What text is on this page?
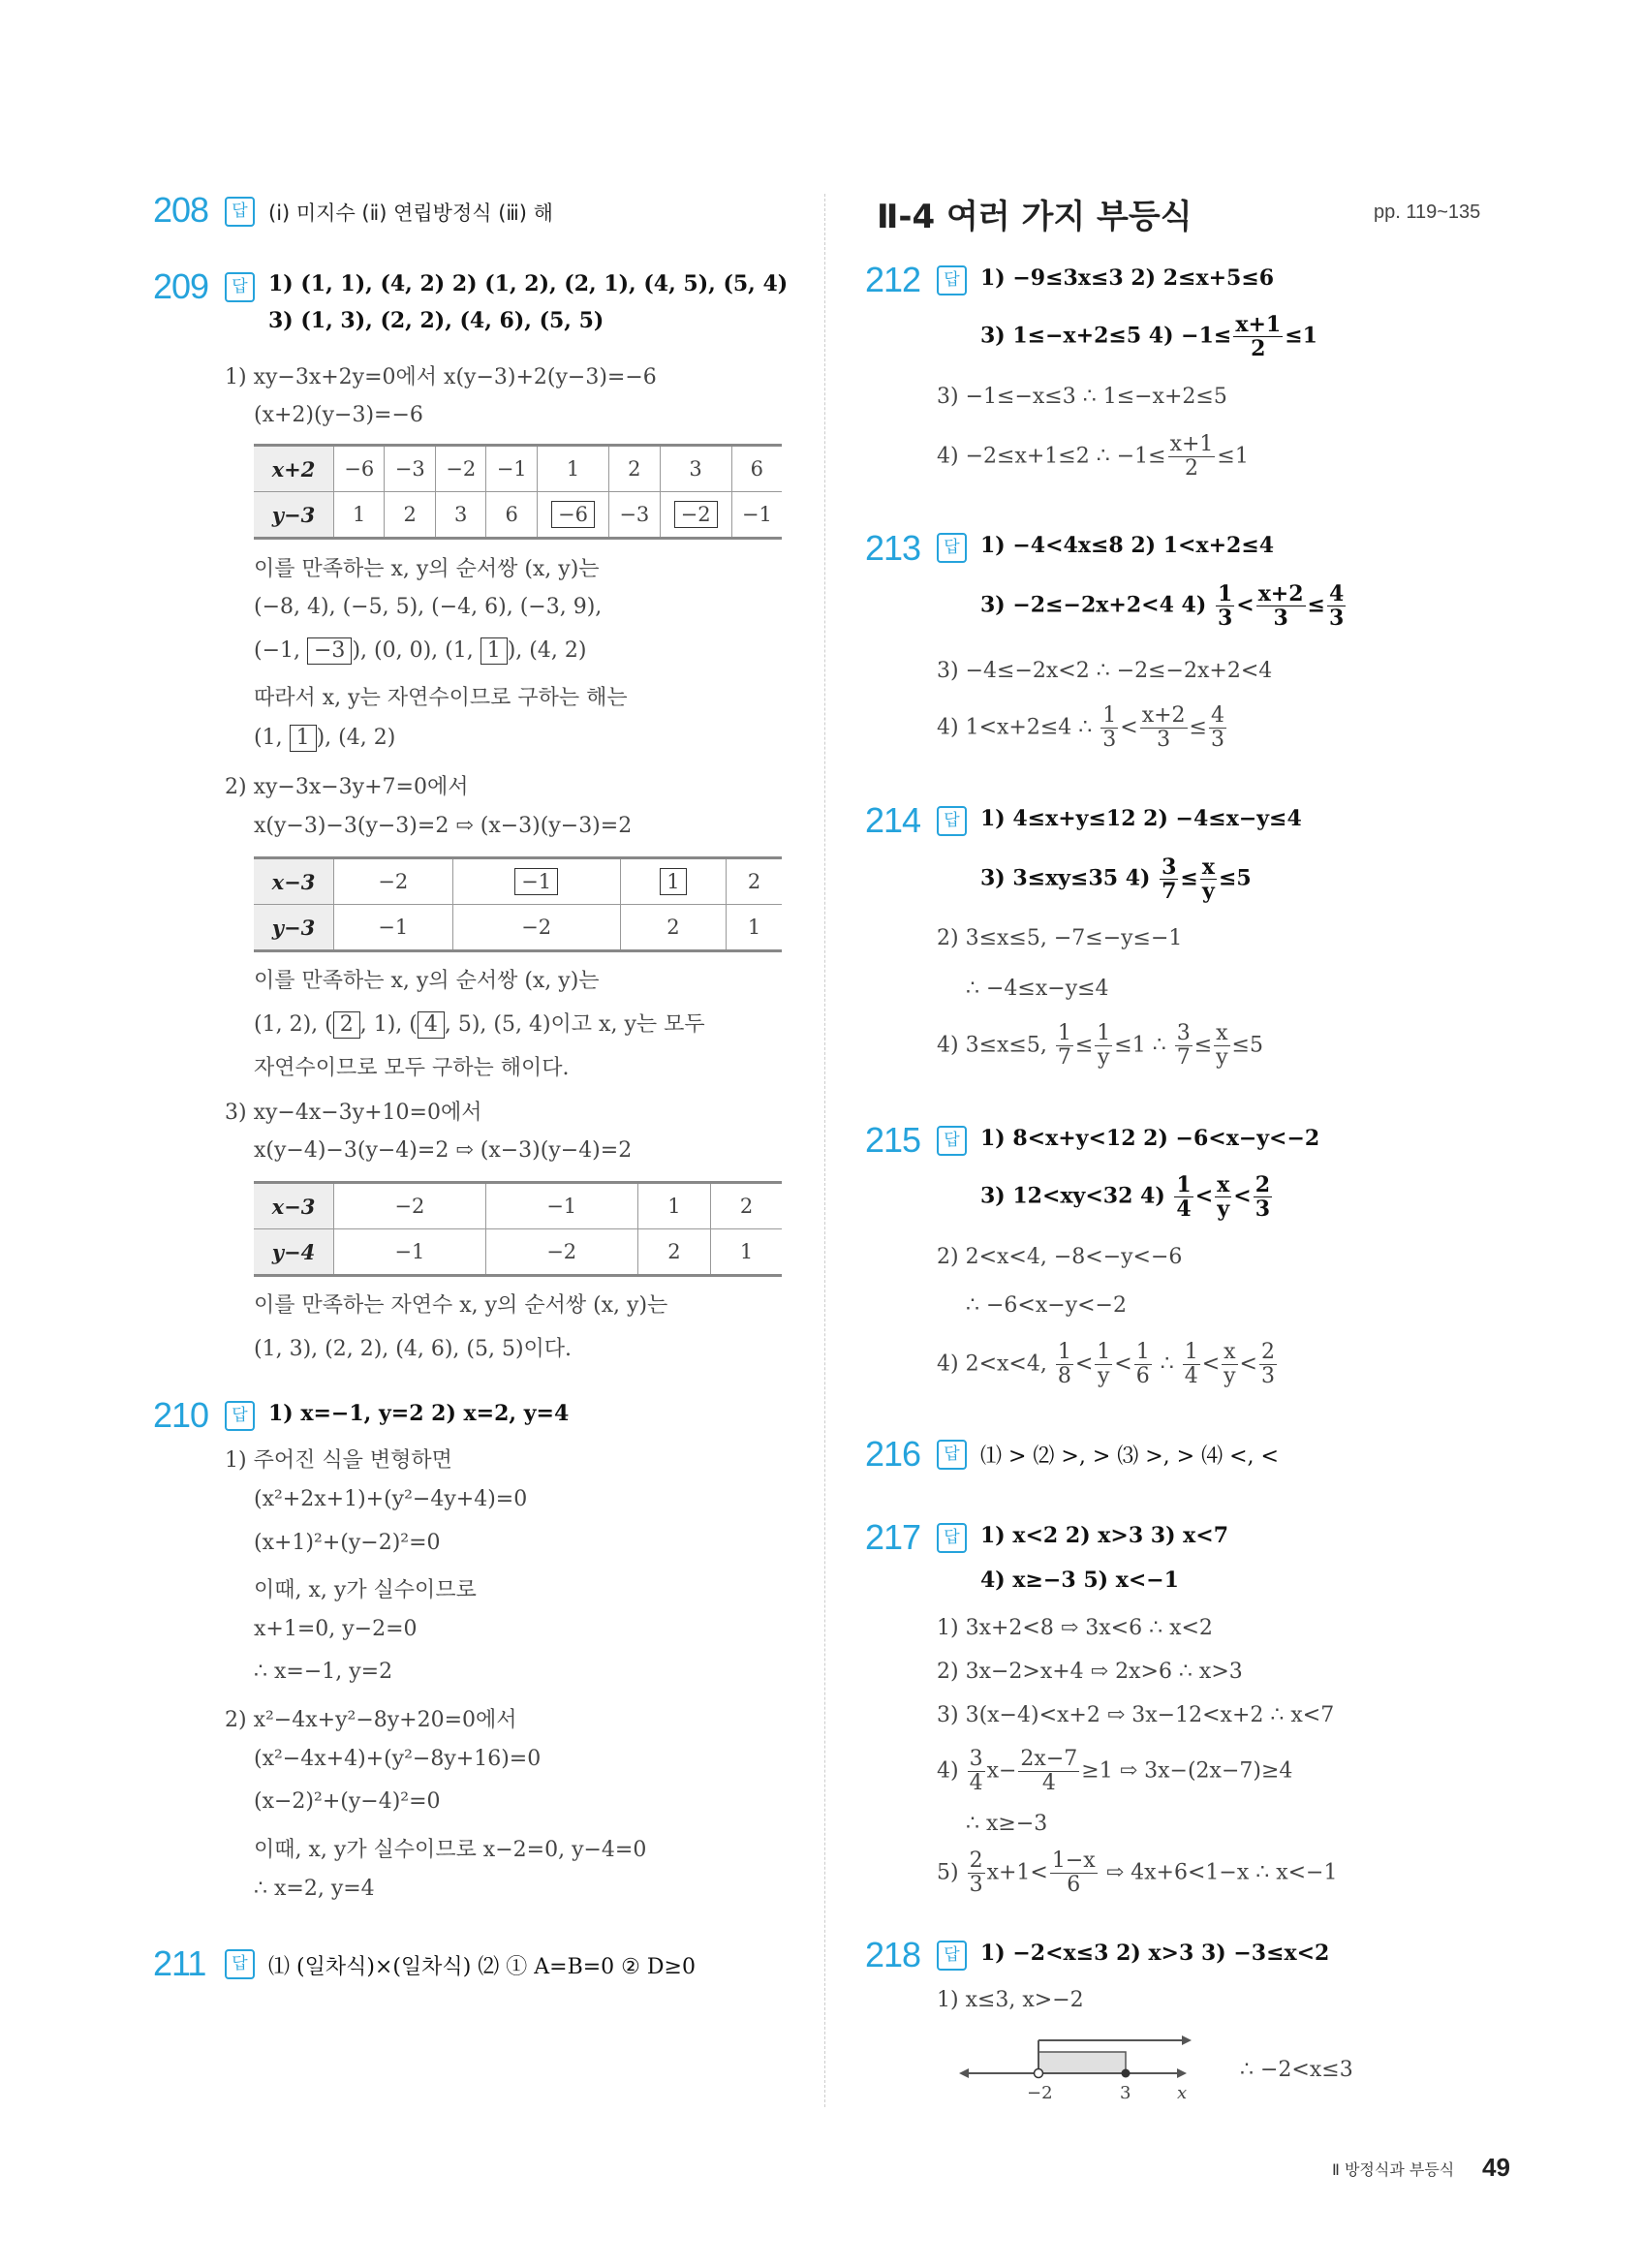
208	답	(ⅰ) 미지수 (ⅱ) 연립방정식 (ⅲ) 해
209	답 1) (1, 1), (4, 2) 2) (1, 2), (2, 1), (4, 5), (5, 4)
3) (1, 3), (2, 2), (4, 6), (5, 5)
1) xy−3x+2y=0에서 x(y−3)+2(y−3)=−6
(x+2)(y−3)=−6
x+2	−6	−3	−2	−1	1	2	3	6
y−3	1	2	3	6	−6	−3	−2	−1
이를 만족하는 x, y의 순서쌍 (x, y)는
(−8, 4), (−5, 5), (−4, 6), (−3, 9),
(−1, −3 ), (0, 0), (1, 1 ), (4, 2)
따라서 x, y는 자연수이므로 구하는 해는
(1, 1 ), (4, 2)
2) xy−3x−3y+7=0에서
x(y−3)−3(y−3)=2 ⇨ (x−3)(y−3)=2
x−3	−2	−1	1	2
y−3	−1	−2	2	1
이를 만족하는 x, y의 순서쌍 (x, y)는
(1, 2), ( 2 , 1), ( 4 , 5), (5, 4)이고 x, y는 모두
자연수이므로 모두 구하는 해이다.
3) xy−4x−3y+10=0에서
x(y−4)−3(y−4)=2 ⇨ (x−3)(y−4)=2
x−3	−2	−1	1	2
y−4	−1	−2	2	1
이를 만족하는 자연수 x, y의 순서쌍 (x, y)는
(1, 3), (2, 2), (4, 6), (5, 5)이다.
210	답 1) x=−1, y=2 2) x=2, y=4
1) 주어진 식을 변형하면
(x²+2x+1)+(y²−4y+4)=0
(x+1)²+(y−2)²=0
이때, x, y가 실수이므로
x+1=0, y−2=0
∴ x=−1, y=2
2) x²−4x+y²−8y+20=0에서
(x²−4x+4)+(y²−8y+16)=0
(x−2)²+(y−4)²=0
이때, x, y가 실수이므로 x−2=0, y−4=0
∴ x=2, y=4
211	답 ⑴ (일차식)×(일차식) ⑵ ① A=B=0 ② D≥0
Ⅱ-4 여러 가지 부등식	pp. 119~135
212	답 1) −9≤3x≤3 2) 2≤x+5≤6
3) 1≤−x+2≤5 $4) -1\le \frac{x+1}{2} \le 1$
3) −1≤−x≤3 ∴ 1≤−x+2≤5
4) −2≤x+1≤2 ∴ $-1\le \frac{x+1}{2} \le 1$
213	답 1) −4<4x≤8 2) 1<x+2≤4
3) −2≤−2x+2<4 $4) \frac{1}{3} < \frac{x+2}{3} \le \frac{4}{3}$
3) −4≤−2x<2 ∴ −2≤−2x+2<4
4) 1<x+2≤4 ∴ $\frac{1}{3} < \frac{x+2}{3} \le \frac{4}{3}$
214	답 1) 4≤x+y≤12 2) −4≤x−y≤4
3) 3≤xy≤35 $4) \frac{3}{7} \le \frac{x}{y} \le 5$
2) 3≤x≤5, −7≤−y≤−1
∴ −4≤x−y≤4
4) 3≤x≤5, $\frac{1}{7} \le \frac{1}{y} \le 1$ ∴ $\frac{3}{7} \le \frac{x}{y} \le 5$
215	답 1) 8<x+y<12 2) −6<x−y<−2
3) 12<xy<32 $4) \frac{1}{4} < \frac{x}{y} < \frac{2}{3}$
2) 2<x<4, −8<−y<−6
∴ −6<x−y<−2
4) 2<x<4, $\frac{1}{8} < \frac{1}{y} < \frac{1}{6}$ ∴ $\frac{1}{4} < \frac{x}{y} < \frac{2}{3}$
216	답 ⑴ > ⑵ >, > ⑶ >, > ⑷ <, <
217	답 1) x<2 2) x>3 3) x<7
4) x≥−3 5) x<−1
1) 3x+2<8 ⇨ 3x<6 ∴ x<2
2) 3x−2>x+4 ⇨ 2x>6 ∴ x>3
3) 3(x−4)<x+2 ⇨ 3x−12<x+2 ∴ x<7
$4) \frac{3}{4} x- \frac{2x-7}{4} \ge 1$ ⇨ 3x−(2x−7)≥4
∴ x≥−3
$5) \frac{2}{3} x+1< \frac{1-x}{6}$ ⇨ 4x+6<1−x ∴ x<−1
218	답 1) −2<x≤3 2) x>3 3) −3≤x<2
1) x≤3, x>−2
−2	3	x
∴ −2<x≤3
Ⅱ 방정식과 부등식 49
